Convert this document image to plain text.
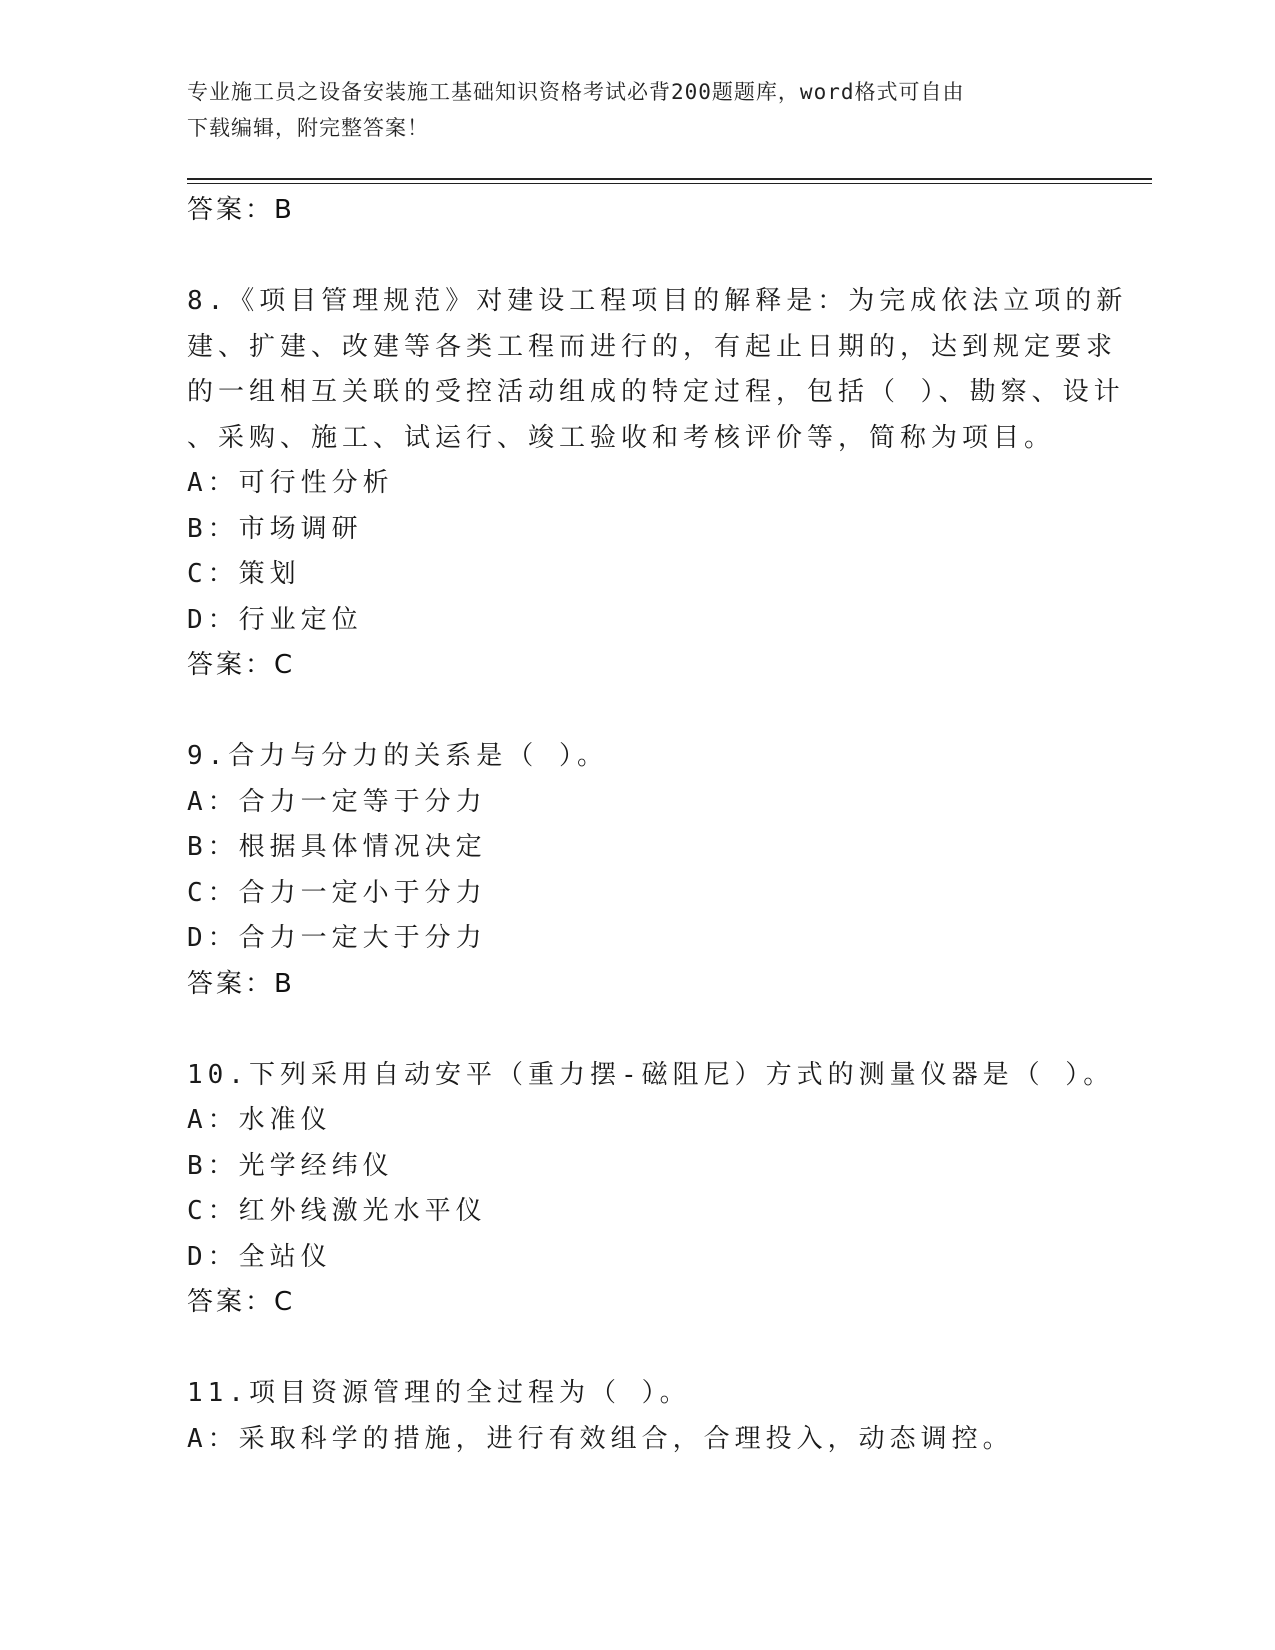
专业施工员之设备安装施工基础知识资格考试必背200题题库，word格式可自由
下载编辑，附完整答案！
答案：B
8.《项目管理规范》对建设工程项目的解释是：为完成依法立项的新
建、扩建、改建等各类工程而进行的，有起止日期的，达到规定要求
的一组相互关联的受控活动组成的特定过程，包括（ ）、勘察、设计
、采购、施工、试运行、竣工验收和考核评价等，简称为项目。
A：可行性分析
B：市场调研
C：策划
D：行业定位
答案：C
9.合力与分力的关系是（ ）。
A：合力一定等于分力
B：根据具体情况决定
C：合力一定小于分力
D：合力一定大于分力
答案：B
10.下列采用自动安平（重力摆-磁阻尼）方式的测量仪器是（ ）。
A：水准仪
B：光学经纬仪
C：红外线激光水平仪
D：全站仪
答案：C
11.项目资源管理的全过程为（ ）。
A：采取科学的措施，进行有效组合，合理投入，动态调控。
